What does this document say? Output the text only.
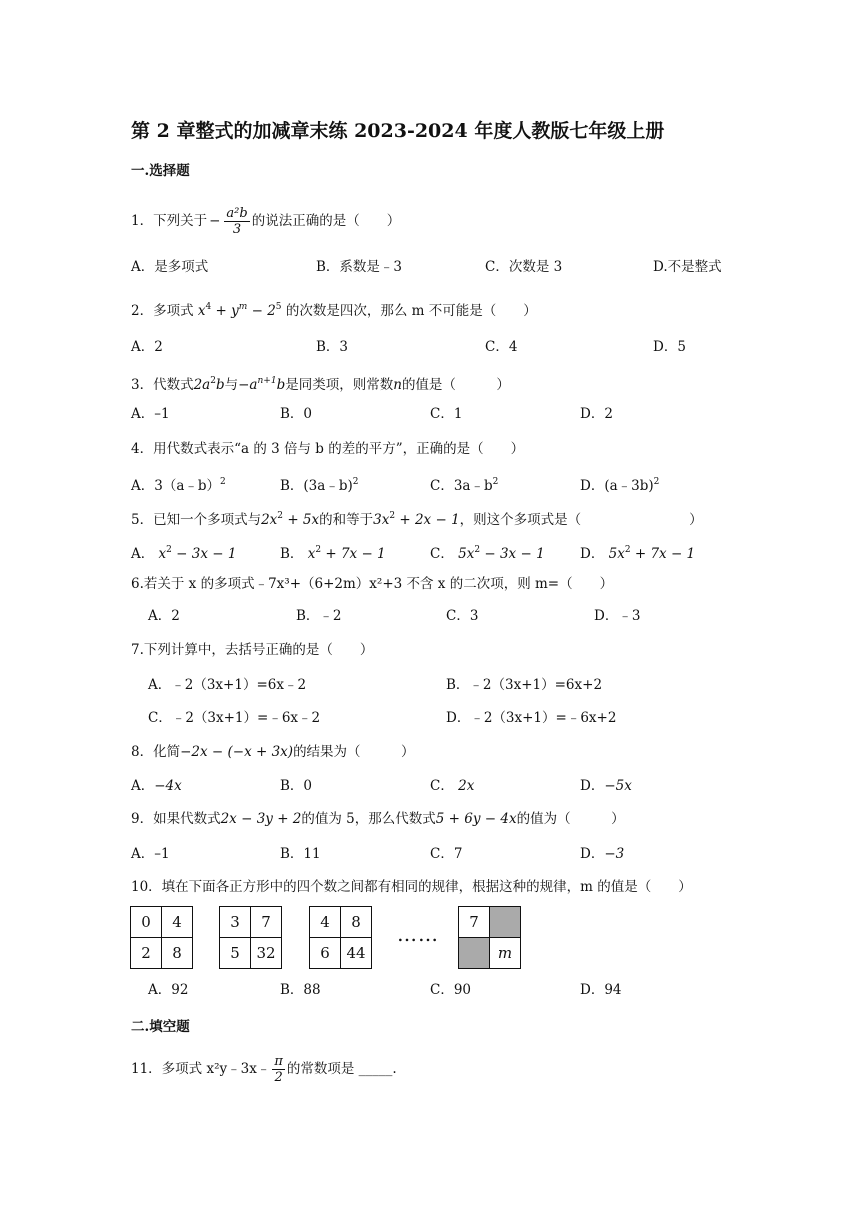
第 2 章整式的加减章末练 2023-2024 年度人教版七年级上册
一.选择题
1．下列关于 − $\frac{\text{a²b}}{3}$ 的说法正确的是（　　）
A．是多项式	B．系数是﹣3	C．次数是 3	D.不是整式
2．多项式 $x^4 + y^m - 2^5$ 的次数是四次，那么 m 不可能是（　　）
A．2	B．3	C．4	D．5
3．代数式$2a^2b$与$-a^{n+1}b$是同类项，则常数n的值是（　　　）
A．–1	B．0	C．1	D．2
4．用代数式表示“a 的 3 倍与 b 的差的平方”，正确的是（　　）
A．3（a﹣b）$^2$	B．(3a﹣b)$^2$	C．$3a﹣b^2$	D．(a﹣3b)$^2$
5．已知一个多项式与$2x^2 + 5x$的和等于$3x^2 + 2x - 1$，则这个多项式是（　　　　　　　　）
A． $x^2 - 3x - 1$	B． $x^2 + 7x - 1$	C． $5x^2 - 3x - 1$	D． $5x^2 + 7x - 1$
6.若关于 x 的多项式﹣7x³+（6+2m）x²+3 不含 x 的二次项，则 m=（　　）
A．2	B．﹣2	C．3	D．﹣3
7.下列计算中，去括号正确的是（　　）
A．﹣2（3x+1）=6x﹣2	B．﹣2（3x+1）=6x+2
C．﹣2（3x+1）=﹣6x﹣2	D．﹣2（3x+1）=﹣6x+2
8．化简−2x − (−x + 3x)的结果为（　　　）
A．−4x	B．0	C． 2x	D．−5x
9．如果代数式2x − 3y + 2的值为 5，那么代数式5 + 6y − 4x的值为（　　　）
A．–1	B．11	C．7	D．−3
10．填在下面各正方形中的四个数之间都有相同的规律，根据这种的规律，m 的值是（　　）
0	4
2	8
3	7
5	32
4	8
6	44
…… 7	
	m
A．92	B．88	C．90	D．94
二.填空题
11．多项式 x²y﹣3x﹣ $\frac{\pi}{2}$ 的常数项是 _____.
